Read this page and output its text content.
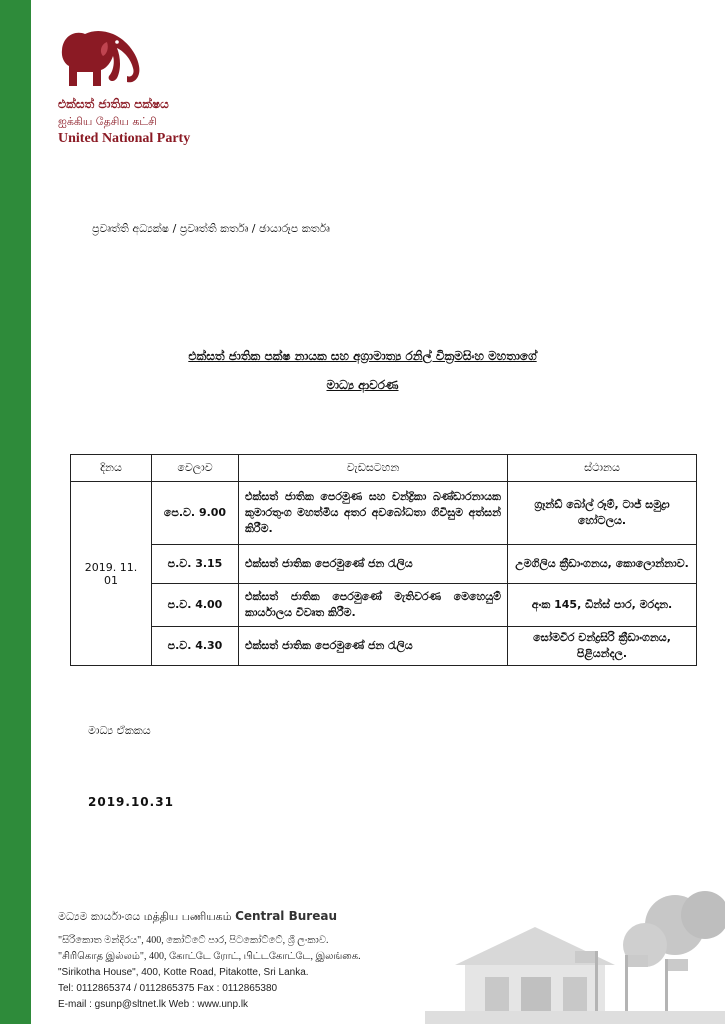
එක්සත් ජාතික පක්ෂය
ஐக்கிய தேசிய கட்சி
United National Party
ප්‍රවෘත්ති අධ්‍යක්ෂ / ප්‍රවෘත්ති කර්තෘ / ඡායාරූප කර්තෘ
එක්සත් ජාතික පක්ෂ නායක සහ අග්‍රාමාත්‍ය රනිල් වික්‍රමසිංහ මහතාගේ
මාධ්‍ය ආවරණ
දිනය	වෙලාව	වැඩසටහන	ස්ථානය
2019. 11. 01	පෙ.ව. 9.00	එක්සත් ජාතික පෙරමුණ සහ චන්ද්‍රිකා බණ්ඩාරනායක කුමාරතුංග මහත්මිය අතර අවබෝධතා ගිවිසුම අත්සන් කිරීම.	ග්‍රෑන්ඩ් බෝල් රූම්, ටාජ් සමුද්‍රා හෝටලය.
	ප.ව. 3.15	එක්සත් ජාතික පෙරමුණේ ජන රැලිය	උමගිලිය ක්‍රීඩාංගනය, කොලොන්නාව.
	ප.ව. 4.00	එක්සත් ජාතික පෙරමුණේ මැතිවරණ මෙහෙයුම් කාර්යාලය විවෘත කිරීම.	අංක 145, ඩීන්ස් පාර, මරදාන.
	ප.ව. 4.30	එක්සත් ජාතික පෙරමුණේ ජන රැලිය	සෝමවීර චන්ද්‍රසිරි ක්‍රීඩාංගනය, පිළියන්දල.
මාධ්‍ය ඒකකය
2019.10.31
මධ්‍යම කාර්යාංශය மத்திய பணியகம் Central Bureau
"සිරිකොත මන්දිරය", 400, කෝට්ටේ පාර, පිටකෝට්ටේ, ශ්‍රී ලංකාව.
"சிரிகொத இல்லம்", 400, கோட்டே ரோட், பிட்டகோட்டே, இலங்கை.
"Sirikotha House", 400, Kotte Road, Pitakotte, Sri Lanka.
Tel: 0112865374 / 0112865375 Fax : 0112865380
E-mail : gsunp@sltnet.lk Web : www.unp.lk
